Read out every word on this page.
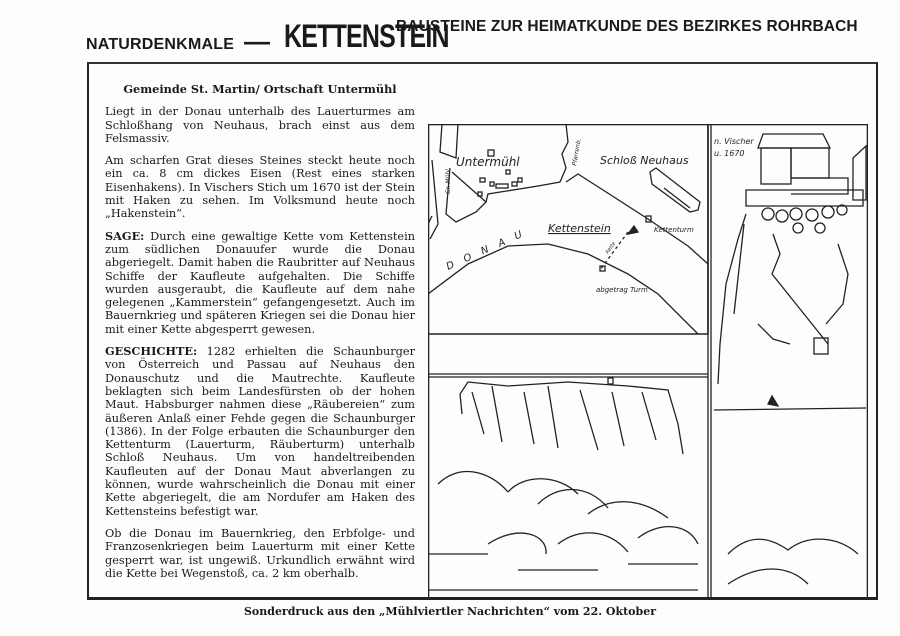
NATURDENKMALE — KETTENSTEIN
BAUSTEINE ZUR HEIMATKUNDE DES BEZIRKES ROHRBACH
Gemeinde St. Martin/ Ortschaft Untermühl

Liegt in der Donau unterhalb des Lauerturmes am Schloßhang von Neuhaus, brach einst aus dem Felsmassiv.

Am scharfen Grat dieses Steines steckt heute noch ein ca. 8 cm dickes Eisen (Rest eines starken Eisenhakens). In Vischers Stich um 1670 ist der Stein mit Haken zu sehen. Im Volksmund heute noch „Hakenstein“.

SAGE: Durch eine gewaltige Kette vom Kettenstein zum südlichen Donauufer wurde die Donau abgeriegelt. Damit haben die Raubritter auf Neuhaus Schiffe der Kaufleute aufgehalten. Die Schiffe wurden ausgeraubt, die Kaufleute auf dem nahe gelegenen „Kammerstein“ gefangengesetzt. Auch im Bauernkrieg und späteren Kriegen sei die Donau hier mit einer Kette abgesperrt gewesen.

GESCHICHTE: 1282 erhielten die Schaunburger von Österreich und Passau auf Neuhaus den Donauschutz und die Mautrechte. Kaufleute beklagten sich beim Landesfürsten ob der hohen Maut. Habsburger nahmen diese „Räubereien“ zum äußeren Anlaß einer Fehde gegen die Schaunburger (1386). In der Folge erbauten die Schaunburger den Kettenturm (Lauerturm, Räuberturm) unterhalb Schloß Neuhaus. Um von handeltreibenden Kaufleuten auf der Donau Maut abverlangen zu können, wurde wahrscheinlich die Donau mit einer Kette abgeriegelt, die am Nordufer am Haken des Kettensteins befestigt war.

Ob die Donau im Bauernkrieg, den Erbfolge- und Franzosenkriegen beim Lauerturm mit einer Kette gesperrt war, ist ungewiß. Urkundlich erwähnt wird die Kette bei Wegenstoß, ca. 2 km oberhalb.

Untermühl
Gr. Mühl
Pfarrenb. Schloß Neuhaus
D O N A U Kettenstein	Kettenturm
Kette
abgetrag Turm
n. Vischer
u. 1670
Sonderdruck aus den „Mühlviertler Nachrichten“ vom 22. Oktober
